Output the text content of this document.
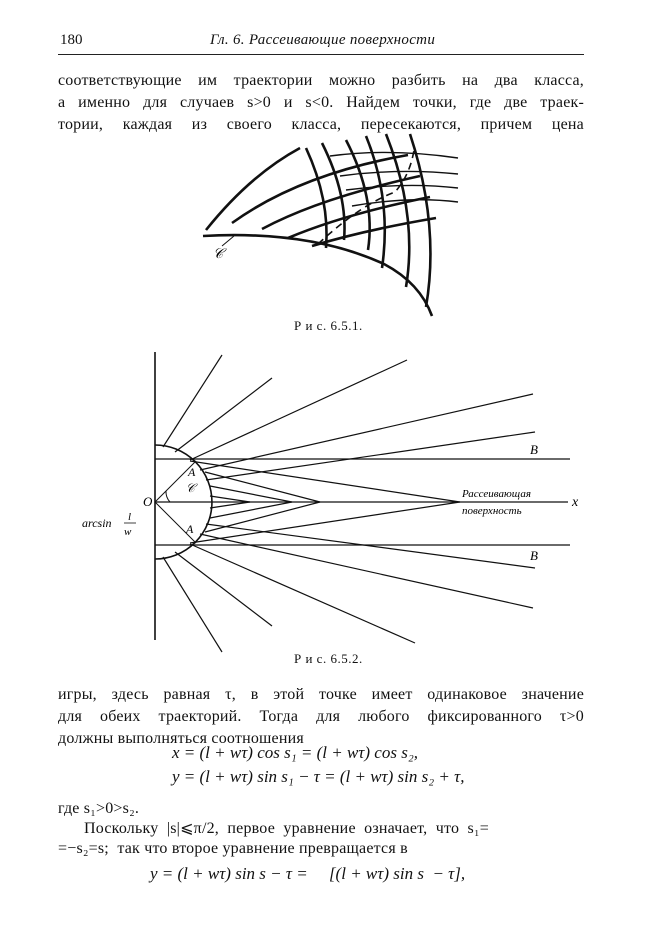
180	Гл. 6. Рассеивающие поверхности
соответствующие им траектории можно разбить на два класса,
а именно для случаев s>0 и s<0. Найдем точки, где две траек-
тории, каждая из своего класса, пересекаются, причем цена
𝒞
Р и с. 6.5.1.
B
B
A
A
𝒞
O	x
arcsin l
w
Рассеивающая
поверхность
Р и с. 6.5.2.
игры, здесь равная τ, в этой точке имеет одинаковое значение
для обеих траекторий. Тогда для любого фиксированного τ>0
должны выполняться соотношения
x = (l + wτ) cos s₁ = (l + wτ) cos s₂,
y = (l + wτ) sin s₁ − τ = (l + wτ) sin s₂ + τ,
где s₁>0>s₂.
Поскольку  |s|⩽π/2,  первое  уравнение  означает,  что  s₁=
=−s₂=s;  так что второе уравнение превращается в
y = (l + wτ) sin s − τ =     [(l + wτ) sin s  − τ],
